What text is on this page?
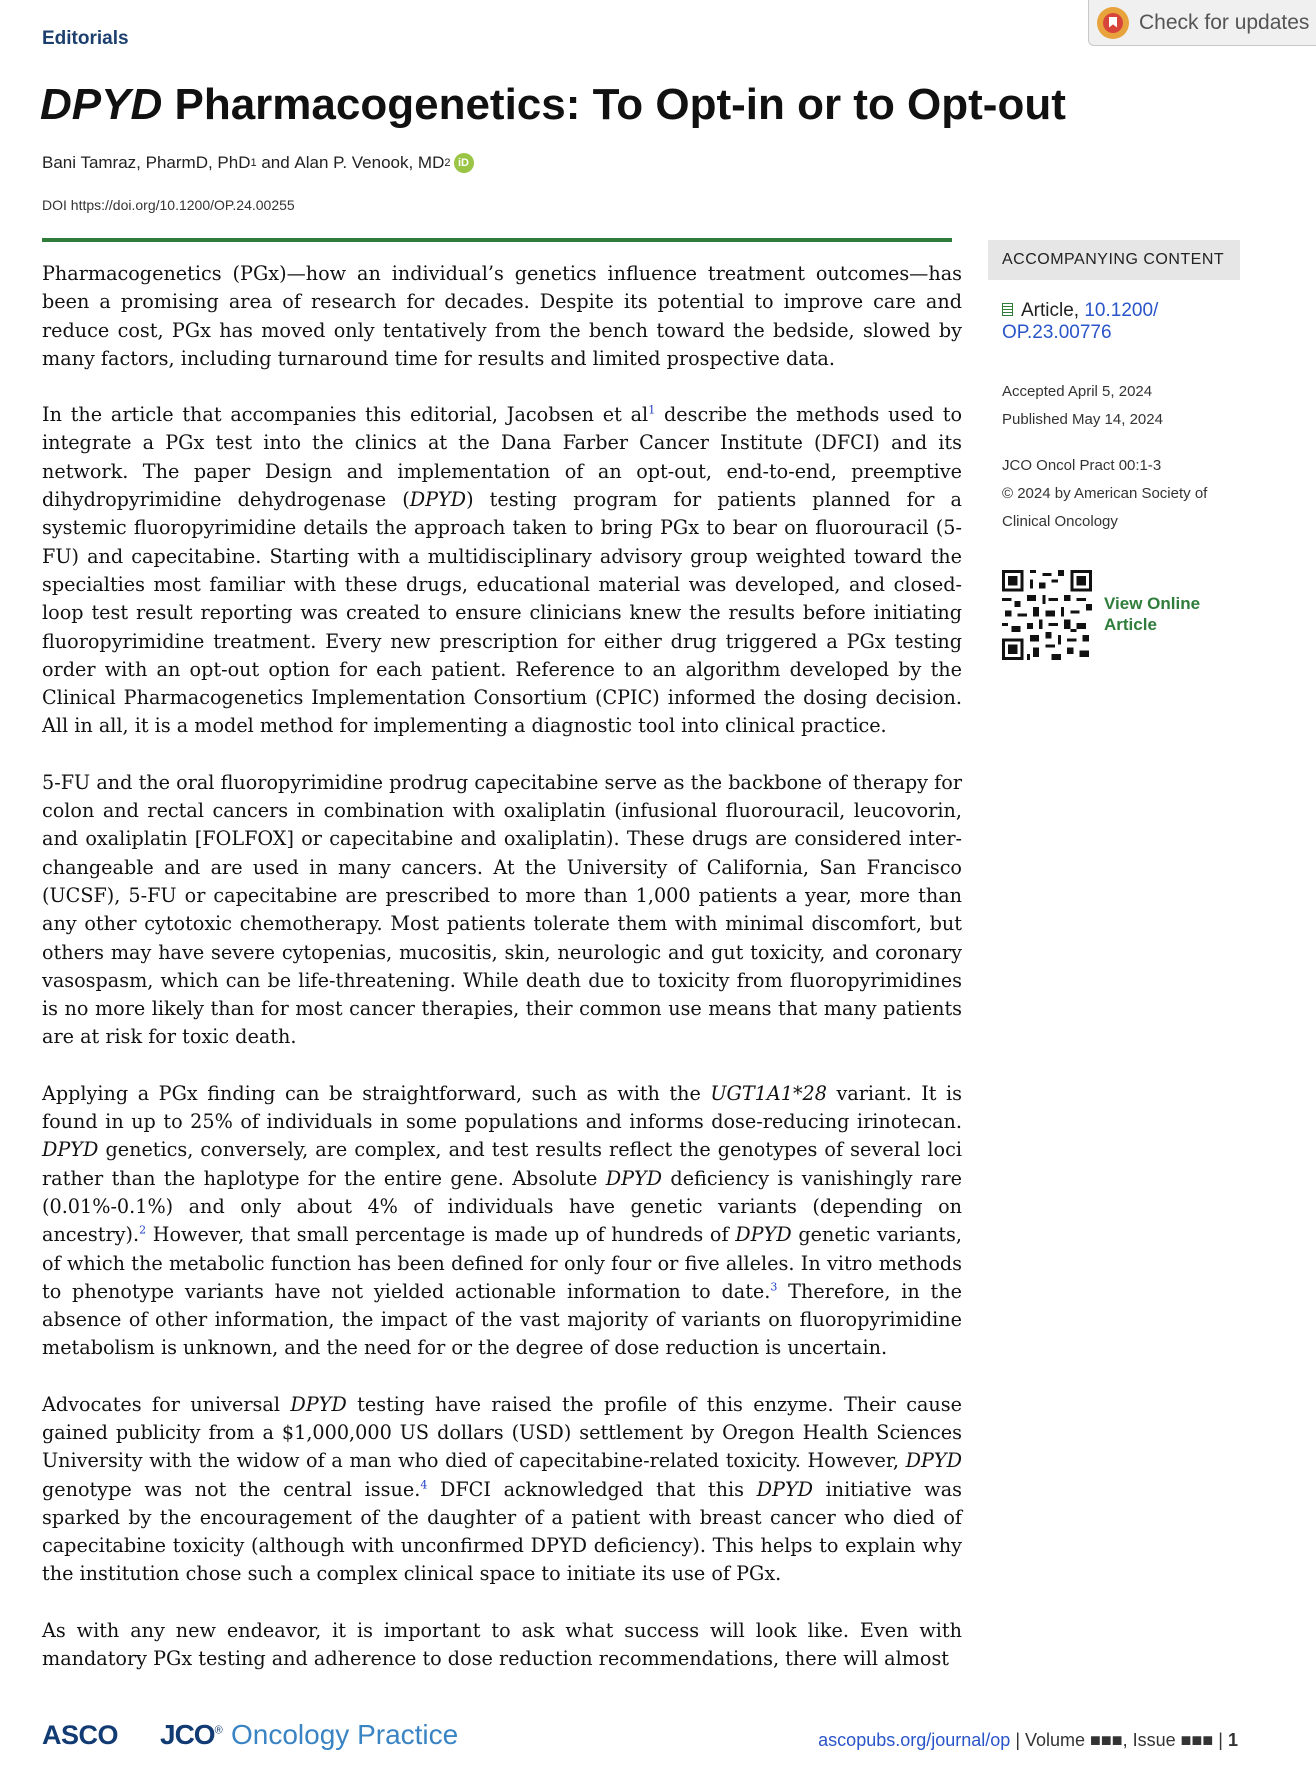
Editorials
Check for updates
DPYD Pharmacogenetics: To Opt-in or to Opt-out
Bani Tamraz, PharmD, PhD 1 and Alan P. Venook, MD 2 iD
DOI https://doi.org/10.1200/OP.24.00255

Pharmacogenetics (PGx)—how an individual’s genetics influence treatment outcomes—has been a promising area of research for decades. Despite its potential to improve care and reduce cost, PGx has moved only tentatively from the bench toward the bedside, slowed by many factors, including turnaround time for results and limited prospective data.

In the article that accompanies this editorial, Jacobsen et $al^1$ describe the methods used to integrate a PGx test into the clinics at the Dana Farber Cancer Institute (DFCI) and its network. The paper Design and implementation of an opt-out, end-to-end, preemptive dihydropyrimidine dehydrogenase (DPYD) testing program for patients planned for a systemic fluoropyrimidine details the approach taken to bring PGx to bear on fluorouracil (5-FU) and capecitabine. Starting with a multidisciplinary advisory group weighted toward the specialties most familiar with these drugs, educational material was developed, and closed-loop test result reporting was created to ensure clinicians knew the results before initiating fluoropyrimidine treatment. Every new prescription for either drug triggered a PGx testing order with an opt-out option for each patient. Reference to an algorithm developed by the Clinical Pharmacogenetics Implementation Consortium (CPIC) informed the dosing decision. All in all, it is a model method for implementing a diagnostic tool into clinical practice.

5-FU and the oral fluoropyrimidine prodrug capecitabine serve as the backbone of therapy for colon and rectal cancers in combination with oxaliplatin (infusional fluorouracil, leucovorin, and oxaliplatin [FOLFOX] or capecitabine and oxaliplatin). These drugs are considered interchangeable and are used in many cancers. At the University of California, San Francisco (UCSF), 5-FU or capecitabine are prescribed to more than 1,000 patients a year, more than any other cytotoxic chemotherapy. Most patients tolerate them with minimal discomfort, but others may have severe cytopenias, mucositis, skin, neurologic and gut toxicity, and coronary vasospasm, which can be life-threatening. While death due to toxicity from fluoropyrimidines is no more likely than for most cancer therapies, their common use means that many patients are at risk for toxic death.

Applying a PGx finding can be straightforward, such as with the UGT1A1*28 variant. It is found in up to 25% of individuals in some populations and informs dose-reducing irinotecan. DPYD genetics, conversely, are complex, and test results reflect the genotypes of several loci rather than the haplotype for the entire gene. Absolute DPYD deficiency is vanishingly rare (0.01%-0.1%) and only about 4% of individuals have genetic variants (depending on ancestry).$^2$ However, that small percentage is made up of hundreds of DPYD genetic variants, of which the metabolic function has been defined for only four or five alleles. In vitro methods to phenotype variants have not yielded actionable information to date.$^3$ Therefore, in the absence of other information, the impact of the vast majority of variants on fluoropyrimidine metabolism is unknown, and the need for or the degree of dose reduction is uncertain.

Advocates for universal DPYD testing have raised the profile of this enzyme. Their cause gained publicity from a $1,000,000 US dollars (USD) settlement by Oregon Health Sciences University with the widow of a man who died of capecitabine-related toxicity. However, DPYD genotype was not the central issue.$^4$ DFCI acknowledged that this DPYD initiative was sparked by the encouragement of the daughter of a patient with breast cancer who died of capecitabine toxicity (although with unconfirmed DPYD deficiency). This helps to explain why the institution chose such a complex clinical space to initiate its use of PGx.

As with any new endeavor, it is important to ask what success will look like. Even with mandatory PGx testing and adherence to dose reduction recommendations, there will almost

ACCOMPANYING CONTENT
Article, 10.1200/
OP.23.00776
Accepted April 5, 2024
Published May 14, 2024
JCO Oncol Pract 00:1-3
© 2024 by American Society of
Clinical Oncology
View Online
Article
ASCO JCO® Oncology Practice	ascopubs.org/journal/op | Volume ■■■, Issue ■■■ | 1
